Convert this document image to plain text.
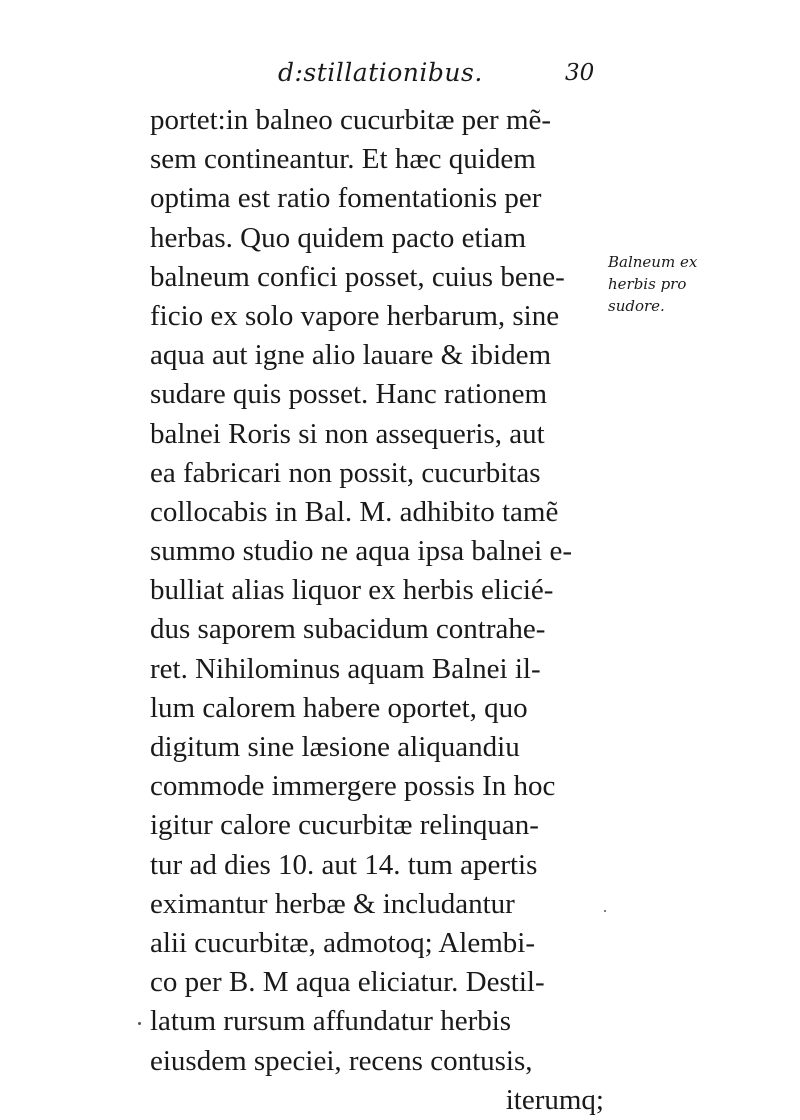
d:stillationibus.	30
portet:in balneo cucurbitæ per mẽ-
sem contineantur. Et hæc quidem
optima est ratio fomentationis per
herbas. Quo quidem pacto etiam
balneum confici posset, cuius bene-
ficio ex solo vapore herbarum, sine
aqua aut igne alio lauare & ibidem
sudare quis posset. Hanc rationem
balnei Roris si non assequeris, aut
ea fabricari non possit, cucurbitas
collocabis in Bal. M. adhibito tamẽ
summo studio ne aqua ipsa balnei e-
bulliat alias liquor ex herbis elicié-
dus saporem subacidum contrahe-
ret. Nihilominus aquam Balnei il-
lum calorem habere oportet, quo
digitum sine læsione aliquandiu
commode immergere possis In hoc
igitur calore cucurbitæ relinquan-
tur ad dies 10. aut 14. tum apertis
eximantur herbæ & includantur
alii cucurbitæ, admotoq; Alembi-
co per B. M aqua eliciatur. Destil-
latum rursum affundatur herbis
eiusdem speciei, recens contusis,
iterumq;
Balneum ex
herbis pro
sudore.
